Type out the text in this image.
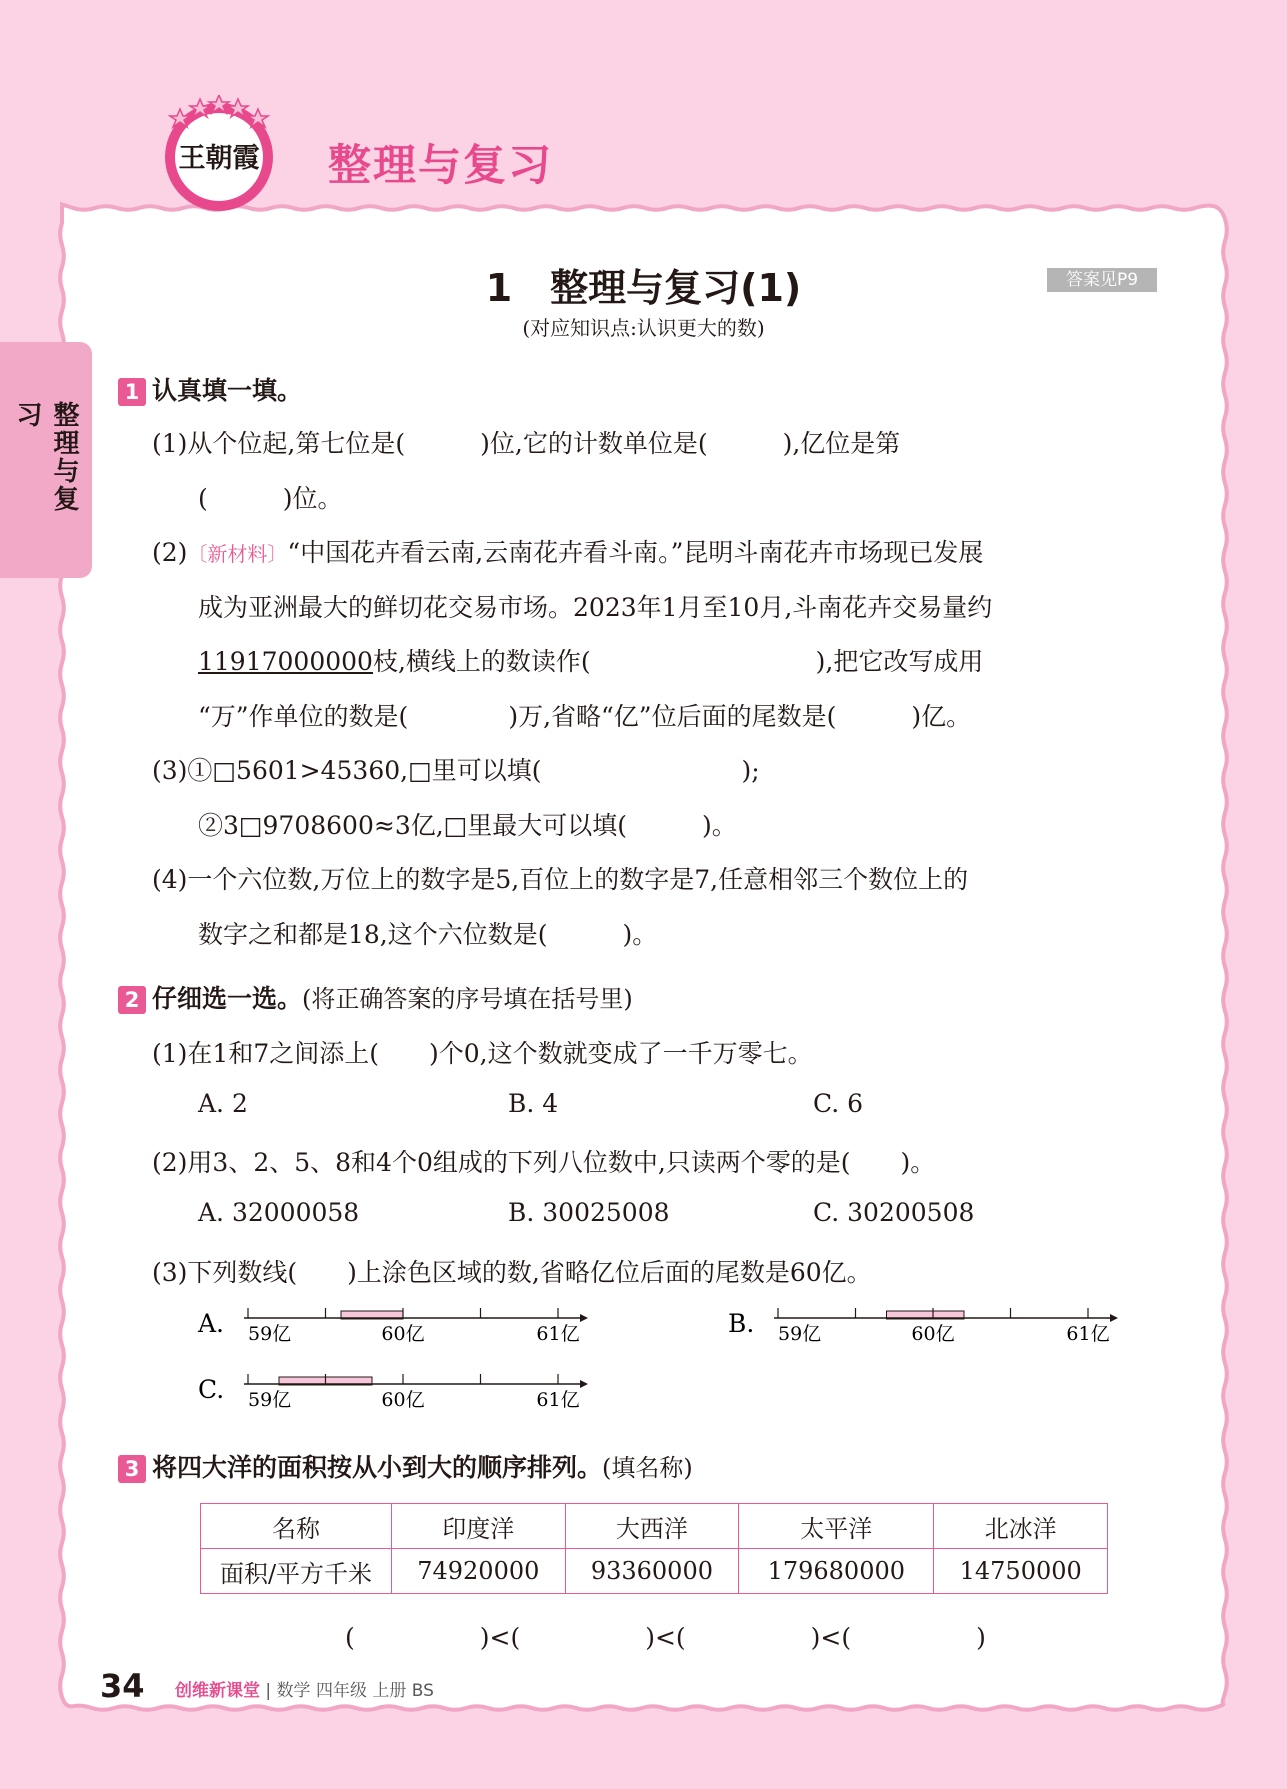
王朝霞 整理与复习
整理与复习
1　整理与复习(1)	答案见P9
(对应知识点:认识更大的数)
1 认真填一填。
(1)从个位起,第七位是(　　　)位,它的计数单位是(　　　),亿位是第
(　　　)位。
(2)〔新材料〕“中国花卉看云南,云南花卉看斗南。”昆明斗南花卉市场现已发展
成为亚洲最大的鲜切花交易市场。2023年1月至10月,斗南花卉交易量约
11917000000枝,横线上的数读作(　　　　　　　　　),把它改写成用
“万”作单位的数是(　　　　)万,省略“亿”位后面的尾数是(　　　)亿。
(3)①□5601>45360,□里可以填(　　　　　　　　);
②3□9708600≈3亿,□里最大可以填(　　　)。
(4)一个六位数,万位上的数字是5,百位上的数字是7,任意相邻三个数位上的
数字之和都是18,这个六位数是(　　　)。
2 仔细选一选。(将正确答案的序号填在括号里)
(1)在1和7之间添上(　　)个0,这个数就变成了一千万零七。
A. 2	B. 4	C. 6
(2)用3、2、5、8和4个0组成的下列八位数中,只读两个零的是(　　)。
A. 32000058	B. 30025008	C. 30200508
(3)下列数线(　　)上涂色区域的数,省略亿位后面的尾数是60亿。
A. 59亿	60亿	61亿	B. 59亿	60亿	61亿
C. 59亿	60亿	61亿
3 将四大洋的面积按从小到大的顺序排列。(填名称)
名称	印度洋	大西洋	太平洋	北冰洋
面积/平方千米	74920000	93360000	179680000	14750000
(　　　　　)<(　　　　　)<(　　　　　)<(　　　　　)
34 创维新课堂 | 数学 四年级 上册 BS
